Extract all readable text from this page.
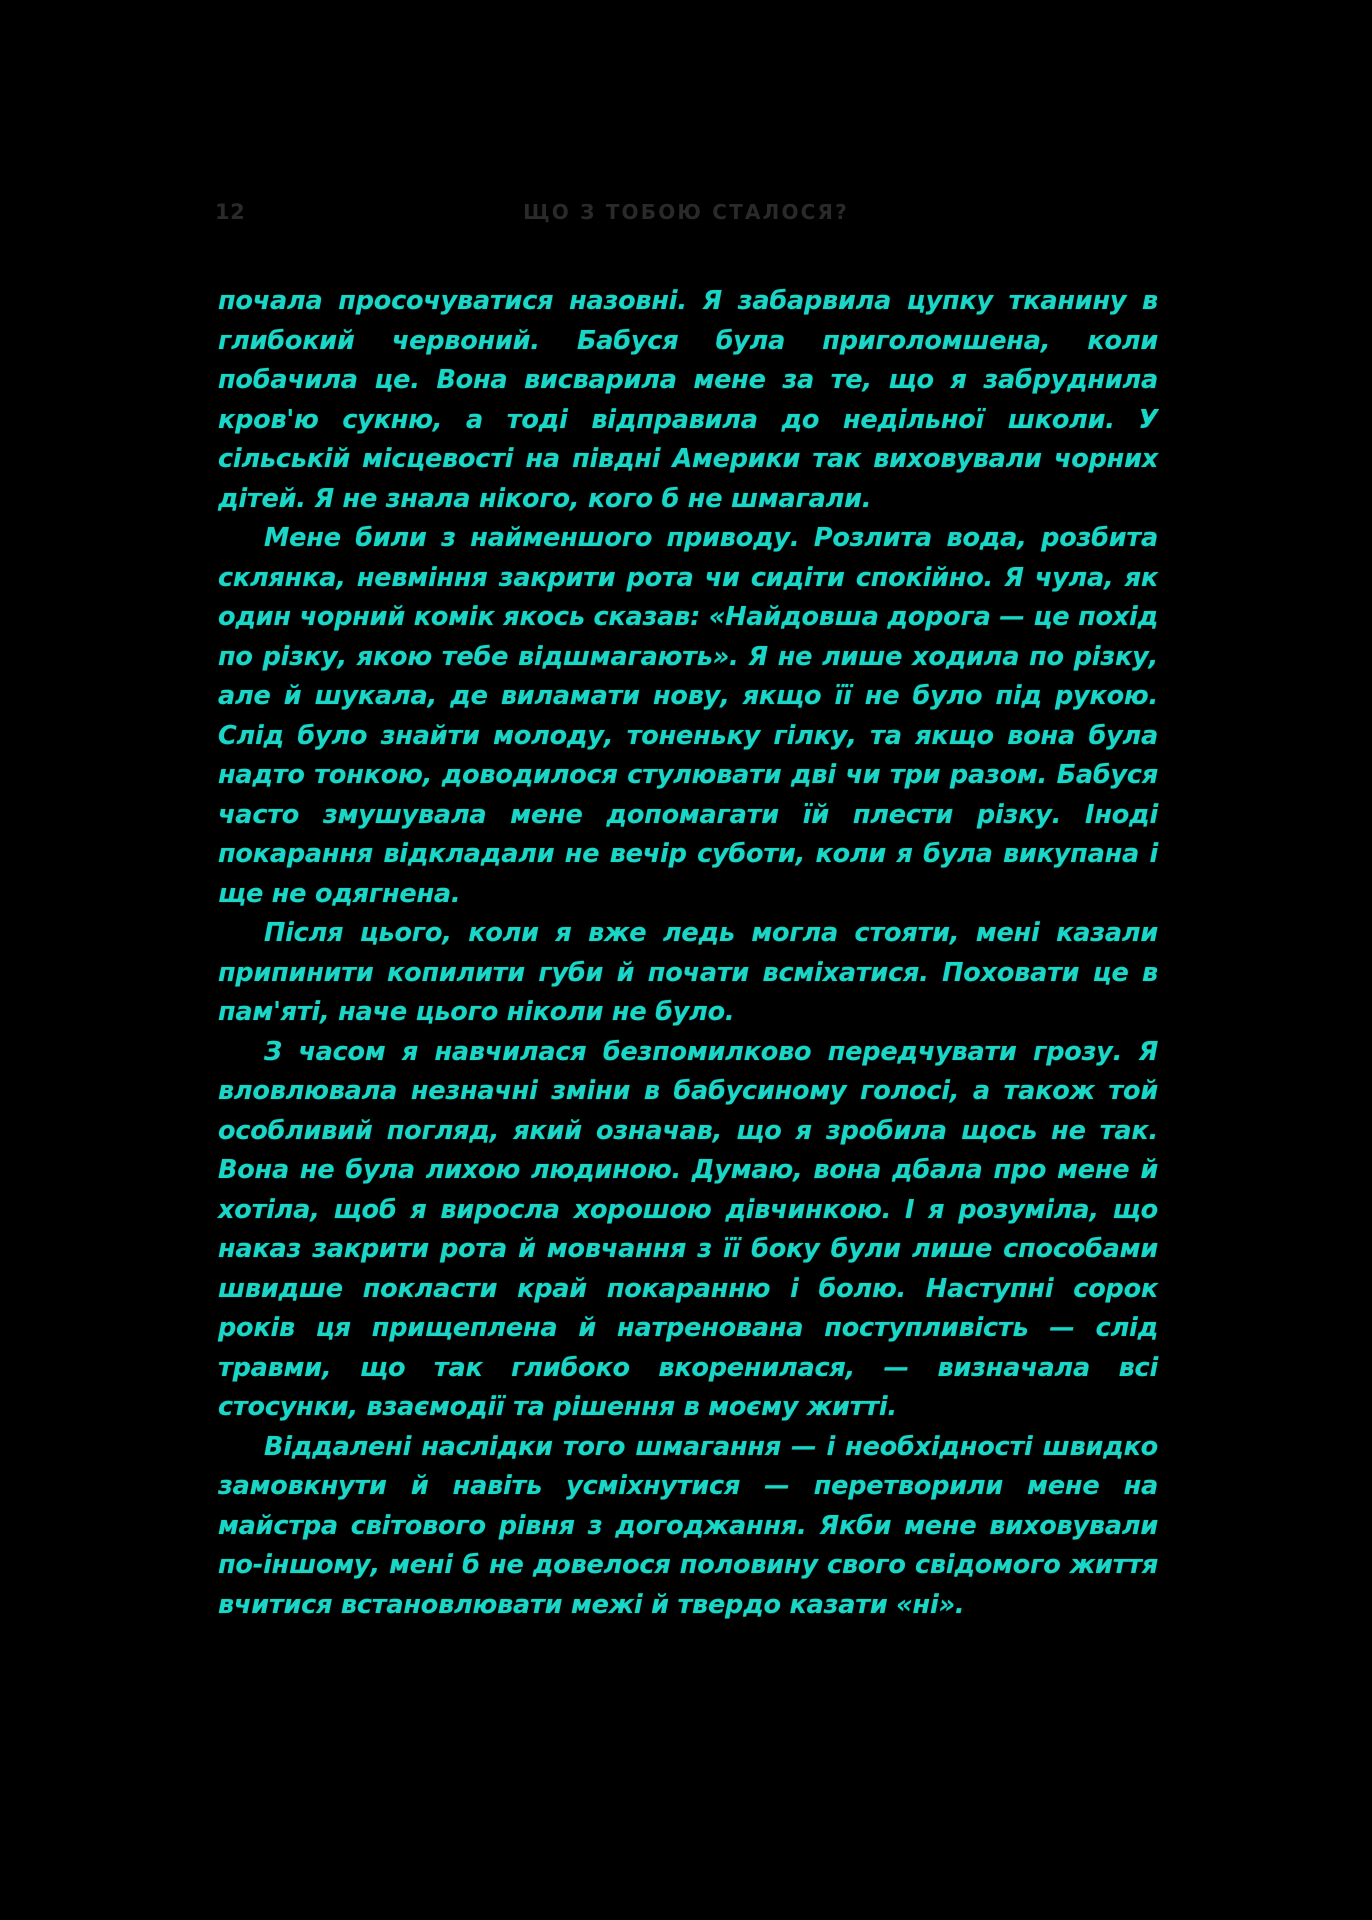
12	ЩО З ТОБОЮ СТАЛОСЯ?

почала просочуватися назовні. Я забарвила цупку тканину в глибокий червоний. Бабуся була приголомшена, коли побачила це. Вона висварила мене за те, що я забруднила кров'ю сукню, а тоді відправила до недільної школи. У сільській місцевості на півдні Америки так виховували чорних дітей. Я не знала нікого, кого б не шмагали.

Мене били з найменшого приводу. Розлита вода, розбита склянка, невміння закрити рота чи сидіти спокійно. Я чула, як один чорний комік якось сказав: «Найдовша дорога — це похід по різку, якою тебе відшмагають». Я не лише ходила по різку, але й шукала, де виламати нову, якщо її не було під рукою. Слід було знайти молоду, тоненьку гілку, та якщо вона була надто тонкою, доводилося стулювати дві чи три разом. Бабуся часто змушувала мене допомагати їй плести різку. Іноді покарання відкладали не вечір суботи, коли я була викупана і ще не одягнена.

Після цього, коли я вже ледь могла стояти, мені казали припинити копилити губи й почати всміхатися. Поховати це в пам'яті, наче цього ніколи не було.

З часом я навчилася безпомилково передчувати грозу. Я вловлювала незначні зміни в бабусиному голосі, а також той особливий погляд, який означав, що я зробила щось не так. Вона не була лихою людиною. Думаю, вона дбала про мене й хотіла, щоб я виросла хорошою дівчинкою. І я розуміла, що наказ закрити рота й мовчання з її боку були лише способами швидше покласти край покаранню і болю. Наступні сорок років ця прищеплена й натренована поступливість — слід травми, що так глибоко вкоренилася, — визначала всі стосунки, взаємодії та рішення в моєму житті.

Віддалені наслідки того шмагання — і необхідності швидко замовкнути й навіть усміхнутися — перетворили мене на майстра світового рівня з догоджання. Якби мене виховували по-іншому, мені б не довелося половину свого свідомого життя вчитися встановлювати межі й твердо казати «ні».
